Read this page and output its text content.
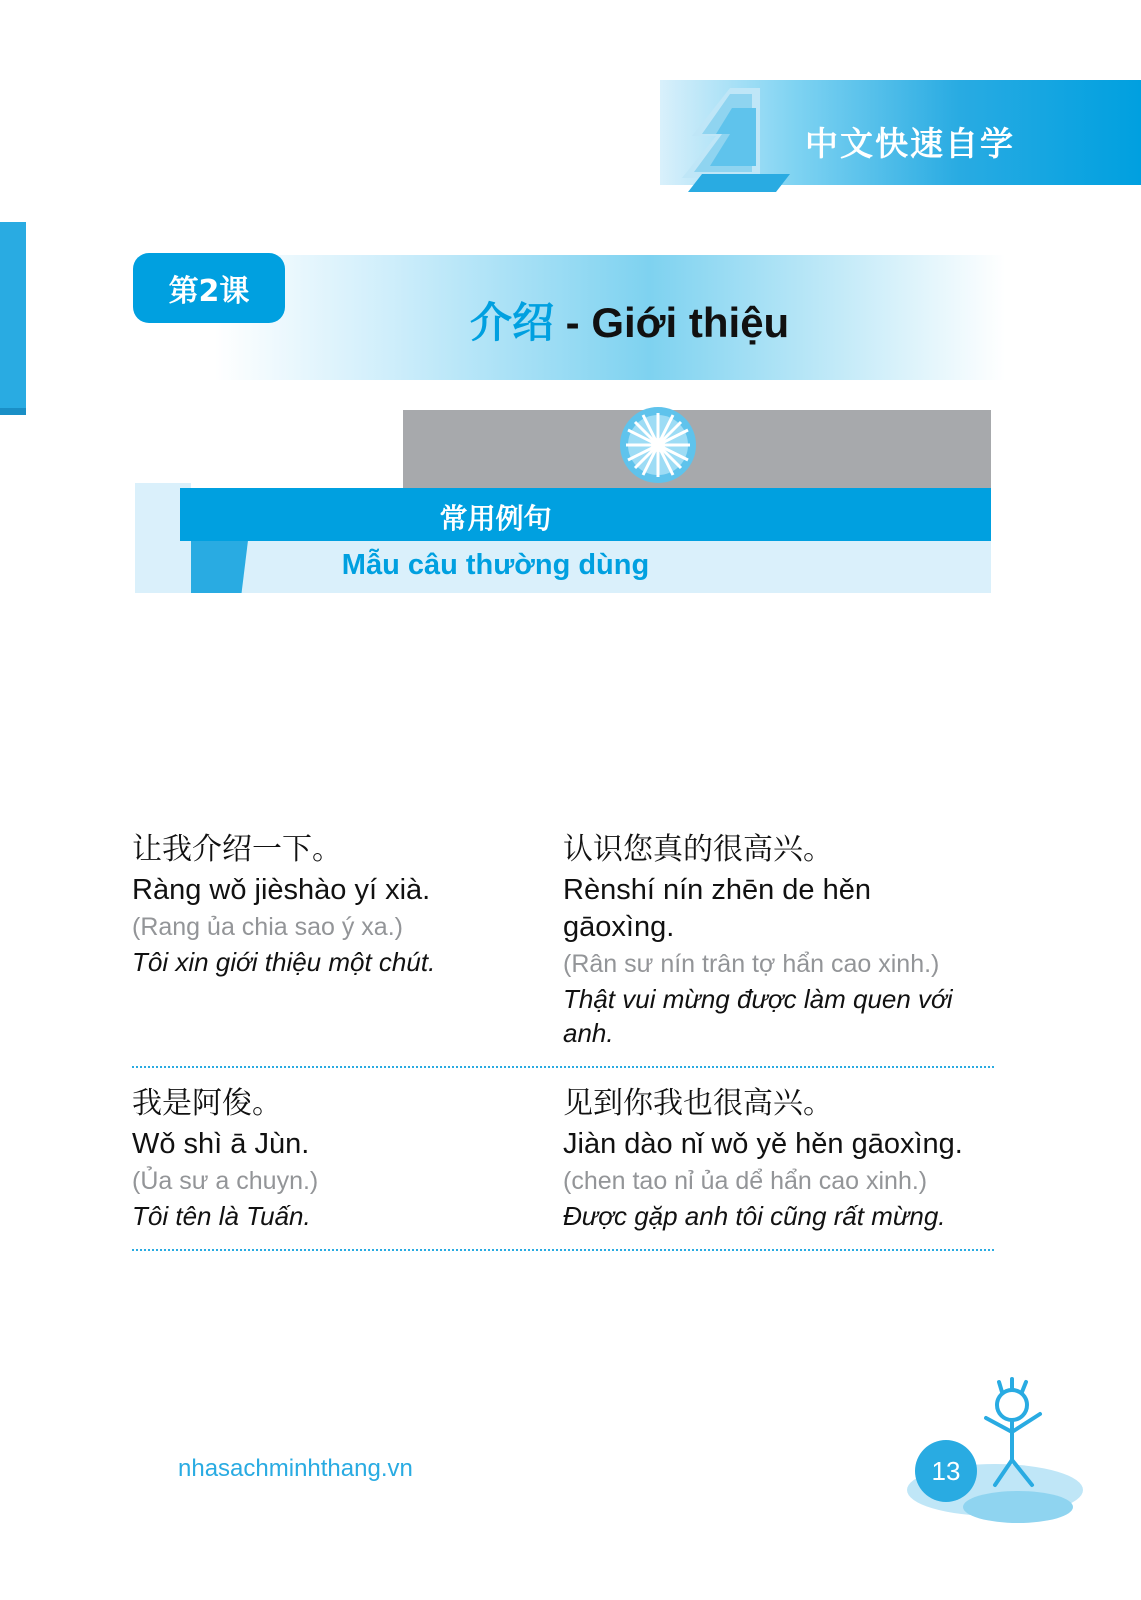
中文快速自学
第2课
介绍 - Giới thiệu
常用例句
Mẫu câu thường dùng
让我介绍一下。
Ràng wǒ jièshào yí xià.
(Rang ủa chia sao ý xa.)
Tôi xin giới thiệu một chút.
认识您真的很高兴。
Rènshí nín zhēn de hěn gāoxìng.
(Rân sư nín trân tợ hẩn cao xinh.)
Thật vui mừng được làm quen với anh.
我是阿俊。
Wǒ shì ā Jùn.
(Ủa sư a chuyn.)
Tôi tên là Tuấn.
见到你我也很高兴。
Jiàn dào nǐ wǒ yě hěn gāoxìng.
(chen tao nỉ ủa dể hẩn cao xinh.)
Được gặp anh tôi cũng rất mừng.
nhasachminhthang.vn	13
